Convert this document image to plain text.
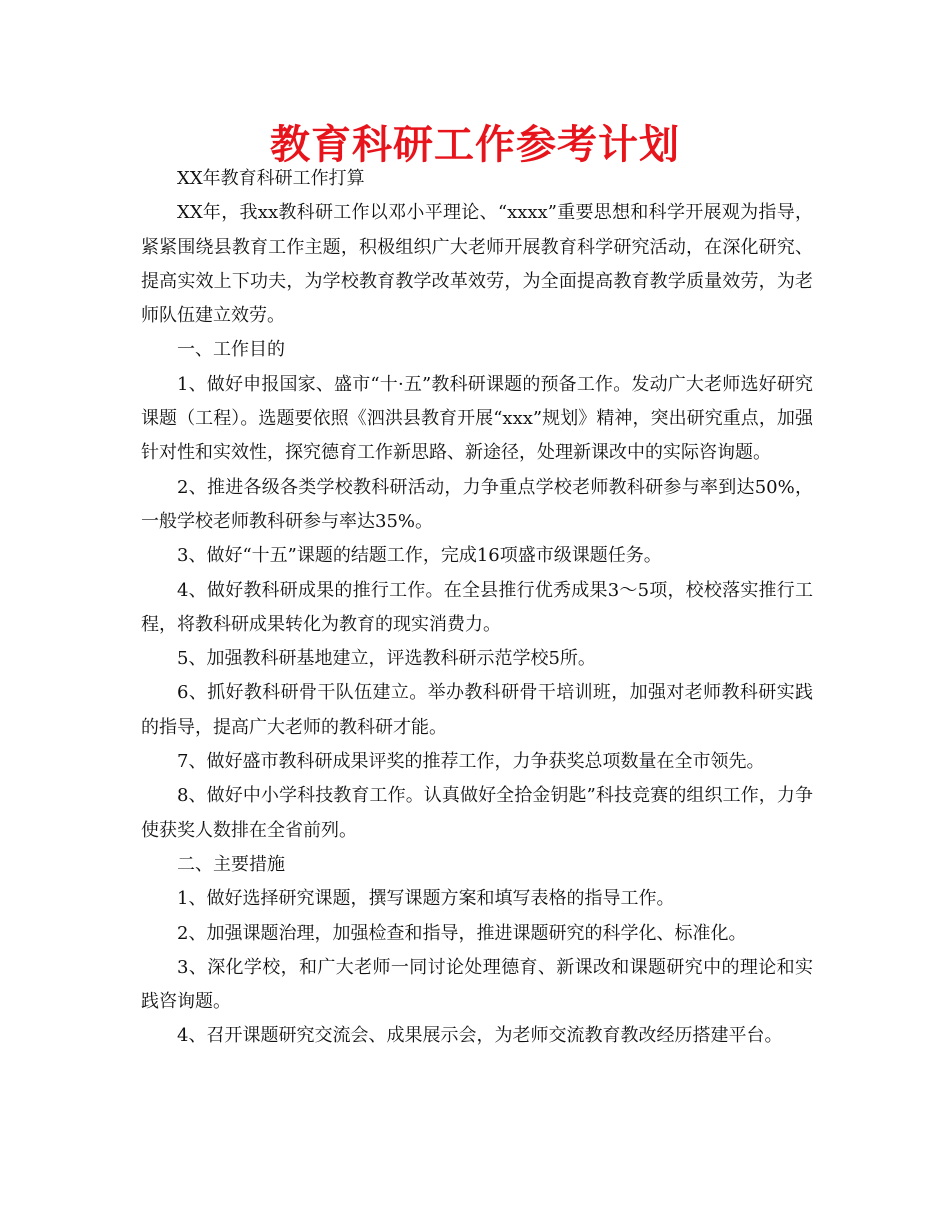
教育科研工作参考计划

XX年教育科研工作打算

XX年，我xx教科研工作以邓小平理论、“xxxx”重要思想和科学开展观为指导，紧紧围绕县教育工作主题，积极组织广大老师开展教育科学研究活动，在深化研究、提高实效上下功夫，为学校教育教学改革效劳，为全面提高教育教学质量效劳，为老师队伍建立效劳。

一、工作目的

1、做好申报国家、盛市“十·五”教科研课题的预备工作。发动广大老师选好研究课题（工程）。选题要依照《泗洪县教育开展“xxx”规划》精神，突出研究重点，加强针对性和实效性，探究德育工作新思路、新途径，处理新课改中的实际咨询题。

2、推进各级各类学校教科研活动，力争重点学校老师教科研参与率到达50%，一般学校老师教科研参与率达35%。

3、做好“十五”课题的结题工作，完成16项盛市级课题任务。

4、做好教科研成果的推行工作。在全县推行优秀成果3～5项，校校落实推行工程，将教科研成果转化为教育的现实消费力。

5、加强教科研基地建立，评选教科研示范学校5所。

6、抓好教科研骨干队伍建立。举办教科研骨干培训班，加强对老师教科研实践的指导，提高广大老师的教科研才能。

7、做好盛市教科研成果评奖的推荐工作，力争获奖总项数量在全市领先。

8、做好中小学科技教育工作。认真做好全拾金钥匙”科技竞赛的组织工作，力争使获奖人数排在全省前列。

二、主要措施

1、做好选择研究课题，撰写课题方案和填写表格的指导工作。

2、加强课题治理，加强检查和指导，推进课题研究的科学化、标准化。

3、深化学校，和广大老师一同讨论处理德育、新课改和课题研究中的理论和实践咨询题。

4、召开课题研究交流会、成果展示会，为老师交流教育教改经历搭建平台。
